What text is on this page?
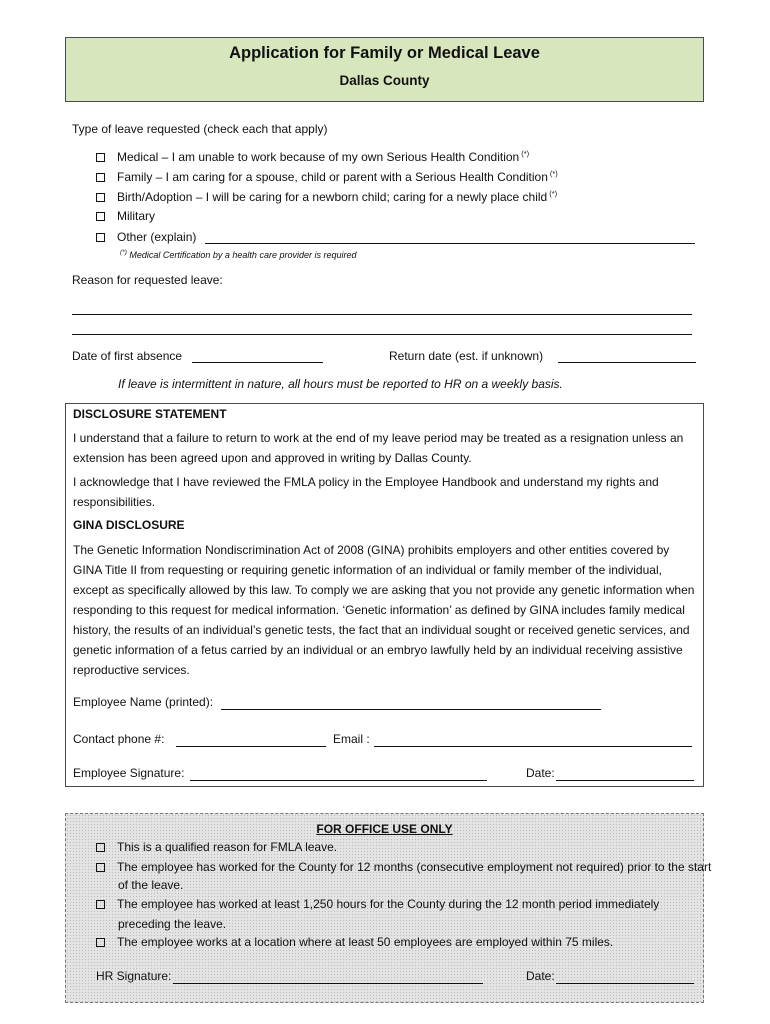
Application for Family or Medical Leave
Dallas County
Type of leave requested (check each that apply)
Medical – I am unable to work because of my own Serious Health Condition (*)
Family – I am caring for a spouse, child or parent with a Serious Health Condition (*)
Birth/Adoption – I will be caring for a newborn child; caring for a newly place child (*)
Military
Other (explain)
(*) Medical Certification by a health care provider is required
Reason for requested leave:
Date of first absence	Return date (est. if unknown)
If leave is intermittent in nature, all hours must be reported to HR on a weekly basis.
DISCLOSURE STATEMENT
I understand that a failure to return to work at the end of my leave period may be treated as a resignation unless an extension has been agreed upon and approved in writing by Dallas County.
I acknowledge that I have reviewed the FMLA policy in the Employee Handbook and understand my rights and responsibilities.
GINA DISCLOSURE
The Genetic Information Nondiscrimination Act of 2008 (GINA) prohibits employers and other entities covered by GINA Title II from requesting or requiring genetic information of an individual or family member of the individual, except as specifically allowed by this law. To comply we are asking that you not provide any genetic information when responding to this request for medical information. ‘Genetic information’ as defined by GINA includes family medical history, the results of an individual’s genetic tests, the fact that an individual sought or received genetic services, and genetic information of a fetus carried by an individual or an embryo lawfully held by an individual receiving assistive reproductive services.
Employee Name (printed):
Contact phone #:	Email :
Employee Signature:	Date:
FOR OFFICE USE ONLY
This is a qualified reason for FMLA leave.
The employee has worked for the County for 12 months (consecutive employment not required) prior to the start of the leave.
The employee has worked at least 1,250 hours for the County during the 12 month period immediately preceding the leave.
The employee works at a location where at least 50 employees are employed within 75 miles.
HR Signature:	Date:
